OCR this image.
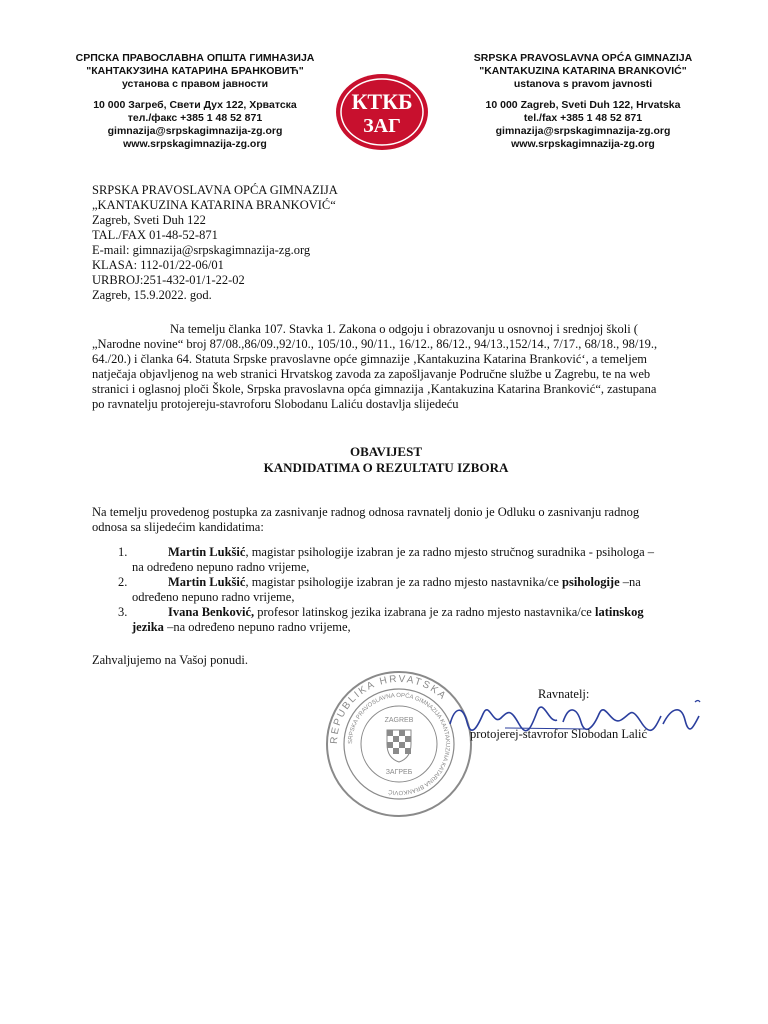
СРПСКА ПРАВОСЛАВНА ОПШТА ГИМНАЗИЈА
"КАНТАКУЗИНА КАТАРИНА БРАНКОВИЋ"
установа с правом јавности
10 000 Загреб, Свети Дух 122, Хрватска
тел./факс +385 1 48 52 871
gimnazija@srpskagimnazija-zg.org
www.srpskagimnazija-zg.org
КТКБ
ЗАГ
SRPSKA PRAVOSLAVNA OPĆA GIMNAZIJA
"KANTAKUZINA KATARINA BRANKOVIĆ"
ustanova s pravom javnosti
10 000 Zagreb, Sveti Duh 122, Hrvatska
tel./fax +385 1 48 52 871
gimnazija@srpskagimnazija-zg.org
www.srpskagimnazija-zg.org
SRPSKA PRAVOSLAVNA OPĆA GIMNAZIJA
„KANTAKUZINA KATARINA BRANKOVIĆ“
Zagreb, Sveti Duh 122
TAL./FAX 01-48-52-871
E-mail: gimnazija@srpskagimnazija-zg.org
KLASA: 112-01/22-06/01
URBROJ:251-432-01/1-22-02
Zagreb, 15.9.2022. god.
Na temelju članka 107. Stavka 1. Zakona o odgoju i obrazovanju u osnovnoj i srednjoj školi (
„Narodne novine“ broj 87/08.,86/09.,92/10., 105/10., 90/11., 16/12., 86/12., 94/13.,152/14., 7/17., 68/18., 98/19.,
64./20.) i članka 64. Statuta Srpske pravoslavne opće gimnazije ‚Kantakuzina Katarina Branković‘, a temeljem
natječaja objavljenog na web stranici Hrvatskog zavoda za zapošljavanje Područne službe u Zagrebu, te na web
stranici i oglasnoj ploči Škole, Srpska pravoslavna opća gimnazija ‚Kantakuzina Katarina Branković“, zastupana
po ravnatelju protojereju-stavroforu Slobodanu Laliću dostavlja slijedeću
OBAVIJEST
KANDIDATIMA O REZULTATU IZBORA
Na temelju provedenog postupka za zasnivanje radnog odnosa ravnatelj donio je Odluku o zasnivanju radnog
odnosa sa slijedećim kandidatima:
1.	Martin Lukšić, magistar psihologije izabran je za radno mjesto stručnog suradnika - psihologa –
na određeno nepuno radno vrijeme,
2.	Martin Lukšić, magistar psihologije izabran je za radno mjesto nastavnika/ce psihologije –na
određeno nepuno radno vrijeme,
3.	Ivana Benković, profesor latinskog jezika izabrana je za radno mjesto nastavnika/ce latinskog
jezika –na određeno nepuno radno vrijeme,
Zahvaljujemo na Vašoj ponudi.
REPUBLIKA HRVATSKA
SRPSKA PRAVOSLAVNA OPĆA GIMNAZIJA KANTAKUZINA KATARINA BRANKOVIĆ
ZAGREB
ЗАГРЕБ
Ravnatelj:
protojerej-stavrofor Slobodan Lalić
